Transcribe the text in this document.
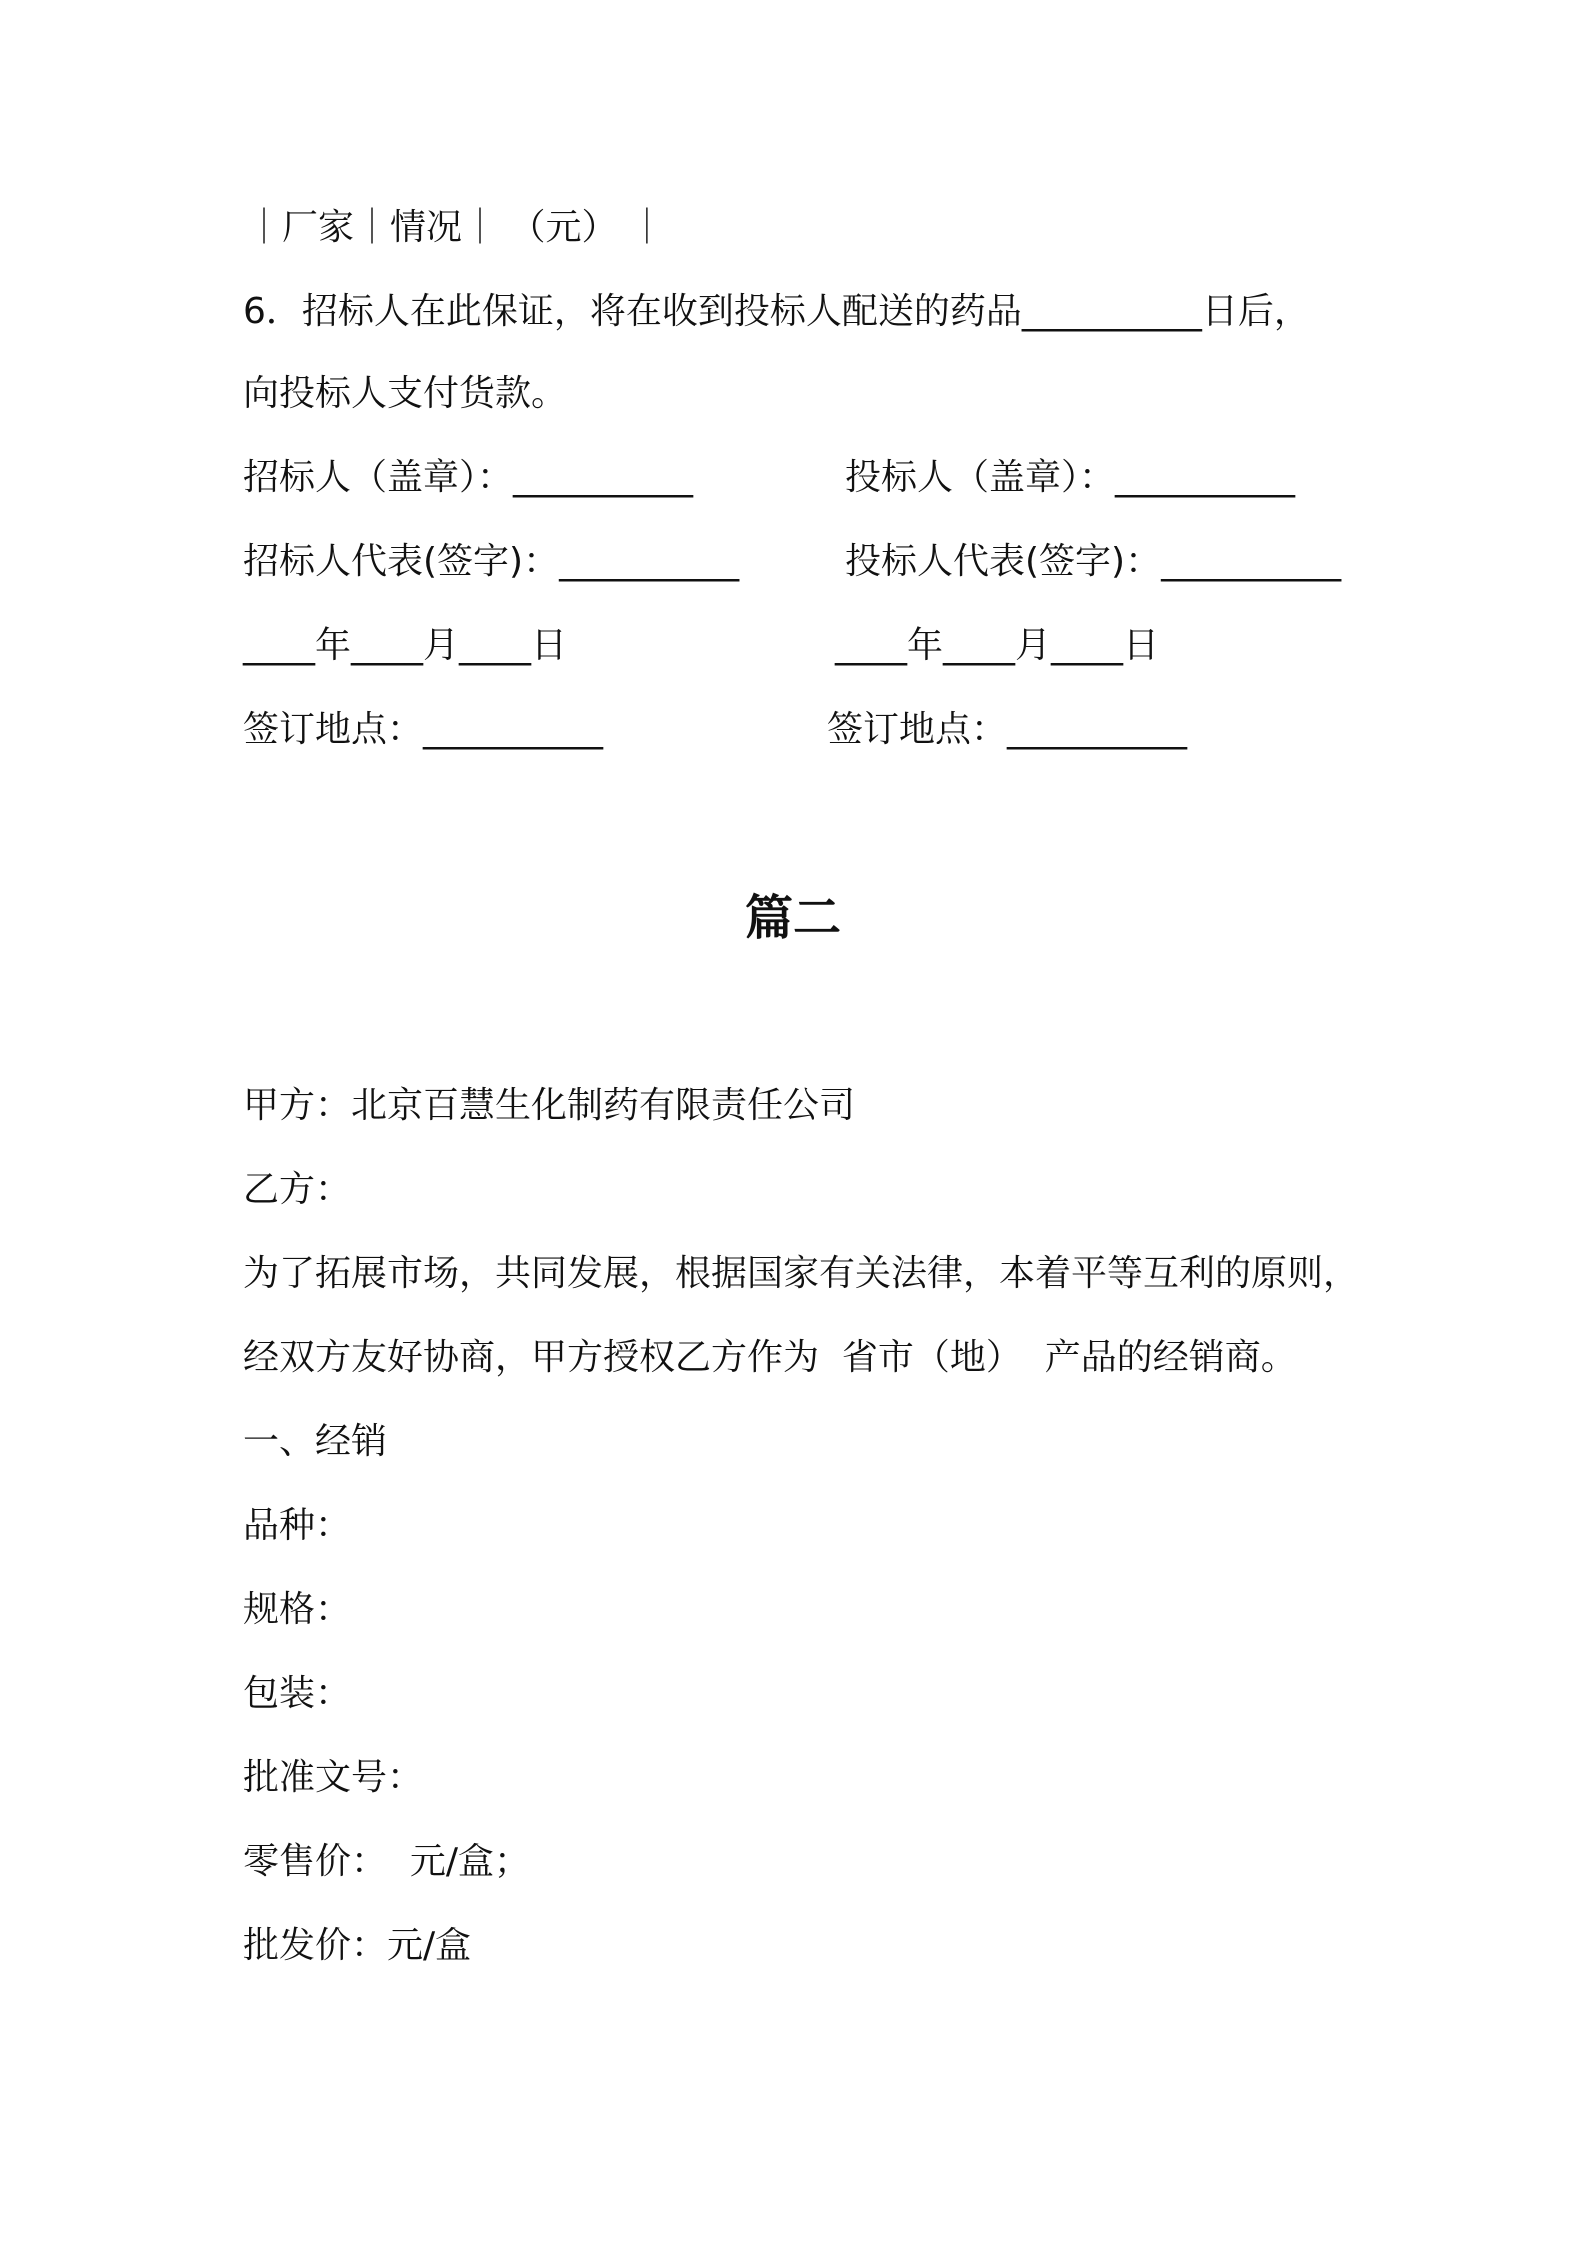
｜厂家｜情况｜ （元） ｜
6．招标人在此保证，将在收到投标人配送的药品__________日后，
向投标人支付货款。
招标人（盖章）：__________	投标人（盖章）：__________
招标人代表(签字)：__________	投标人代表(签字)：__________
____年____月____日	____年____月____日
签订地点：__________	签订地点：__________
篇二
甲方：北京百慧生化制药有限责任公司
乙方：
为了拓展市场，共同发展，根据国家有关法律，本着平等互利的原则，
经双方友好协商，甲方授权乙方作为  省市（地）  产品的经销商。
一、经销
品种：
规格：
包装：
批准文号：
零售价：  元/盒；
批发价：元/盒
